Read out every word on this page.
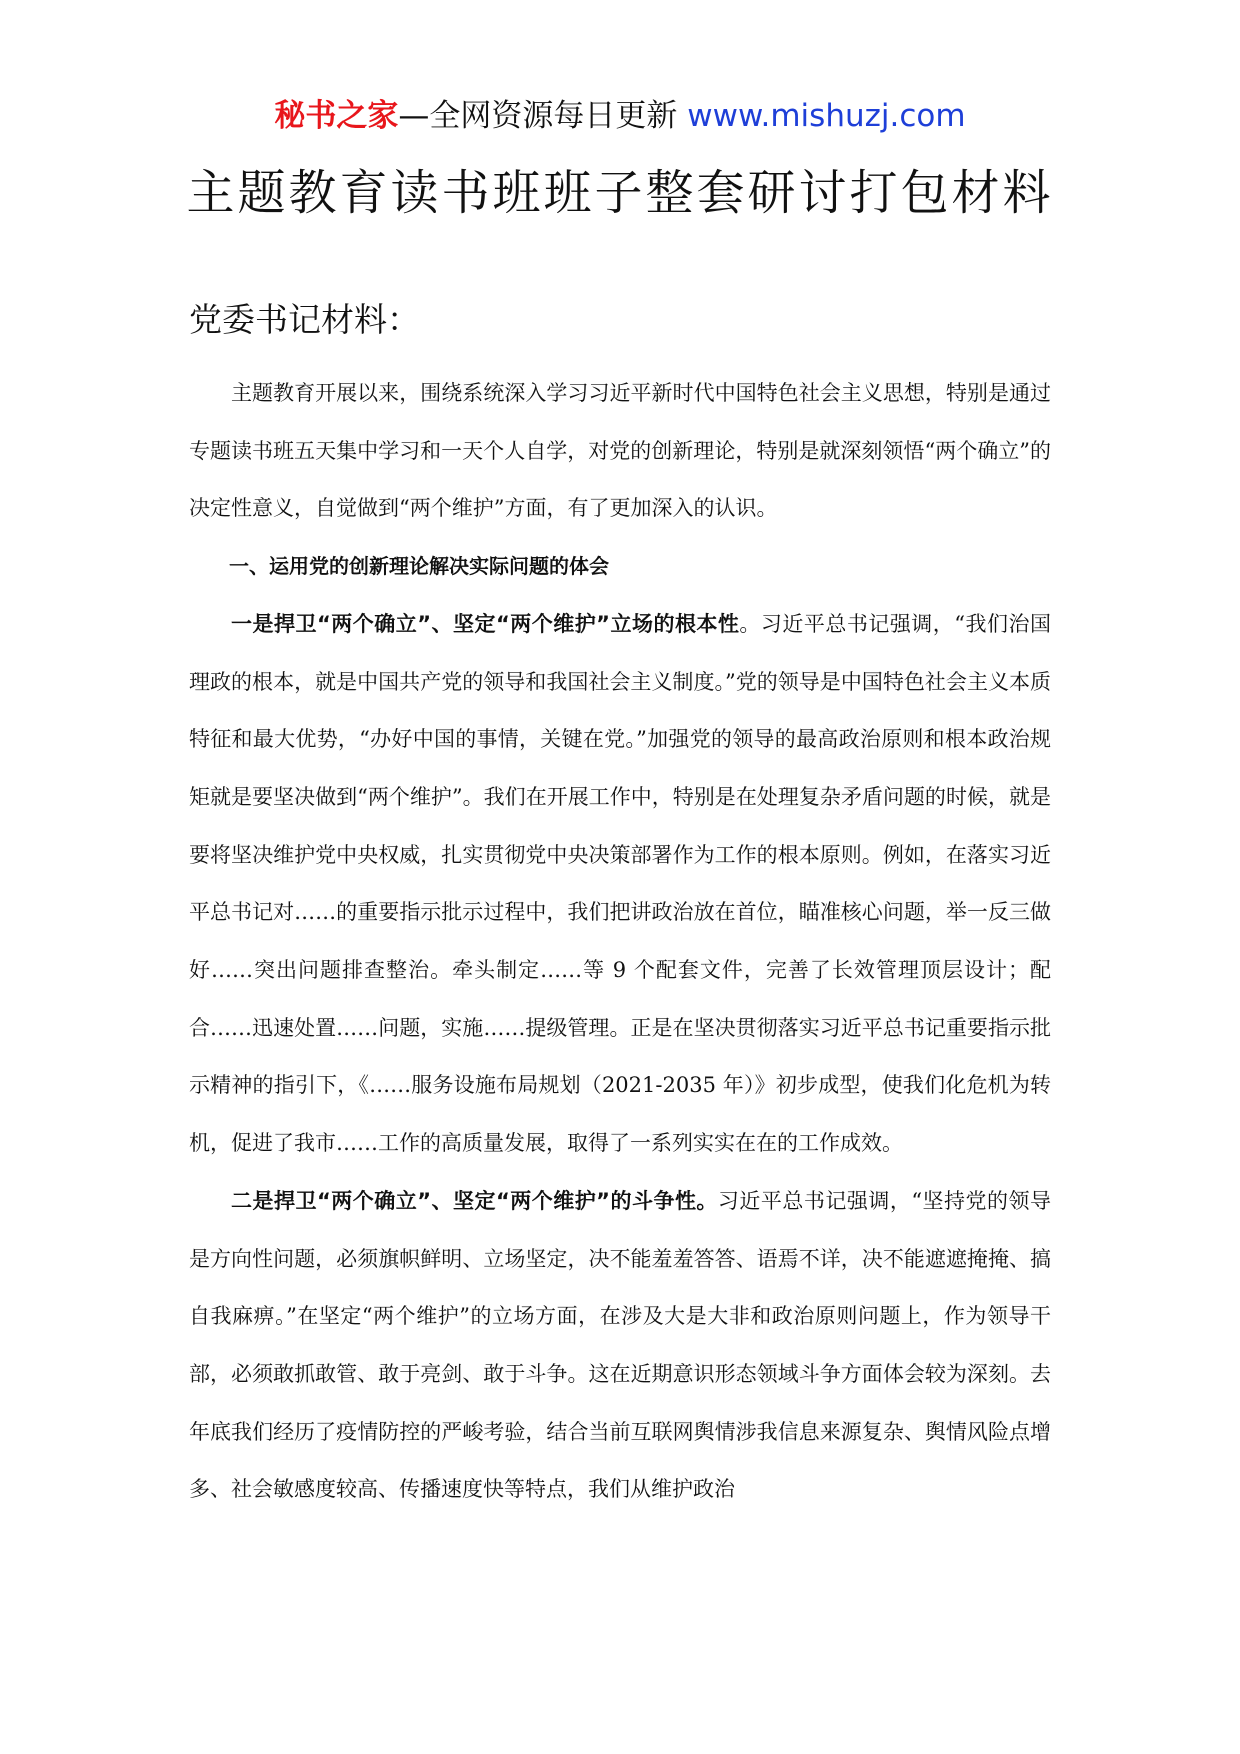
秘书之家—全网资源每日更新 www.mishuzj.com
主题教育读书班班子整套研讨打包材料
党委书记材料：

主题教育开展以来，围绕系统深入学习习近平新时代中国特色社会主义思想，特别是通过专题读书班五天集中学习和一天个人自学，对党的创新理论，特别是就深刻领悟“两个确立”的决定性意义，自觉做到“两个维护”方面，有了更加深入的认识。

一、运用党的创新理论解决实际问题的体会

一是捍卫“两个确立”、坚定“两个维护”立场的根本性。习近平总书记强调，“我们治国理政的根本，就是中国共产党的领导和我国社会主义制度。”党的领导是中国特色社会主义本质特征和最大优势，“办好中国的事情，关键在党。”加强党的领导的最高政治原则和根本政治规矩就是要坚决做到“两个维护”。我们在开展工作中，特别是在处理复杂矛盾问题的时候，就是要将坚决维护党中央权威，扎实贯彻党中央决策部署作为工作的根本原则。例如，在落实习近平总书记对……的重要指示批示过程中，我们把讲政治放在首位，瞄准核心问题，举一反三做好……突出问题排查整治。牵头制定……等 9 个配套文件，完善了长效管理顶层设计；配合……迅速处置……问题，实施……提级管理。正是在坚决贯彻落实习近平总书记重要指示批示精神的指引下，《……服务设施布局规划（2021-2035 年）》初步成型，使我们化危机为转机，促进了我市……工作的高质量发展，取得了一系列实实在在的工作成效。

二是捍卫“两个确立”、坚定“两个维护”的斗争性。习近平总书记强调，“坚持党的领导是方向性问题，必须旗帜鲜明、立场坚定，决不能羞羞答答、语焉不详，决不能遮遮掩掩、搞自我麻痹。”在坚定“两个维护”的立场方面，在涉及大是大非和政治原则问题上，作为领导干部，必须敢抓敢管、敢于亮剑、敢于斗争。这在近期意识形态领域斗争方面体会较为深刻。去年底我们经历了疫情防控的严峻考验，结合当前互联网舆情涉我信息来源复杂、舆情风险点增多、社会敏感度较高、传播速度快等特点，我们从维护政治
